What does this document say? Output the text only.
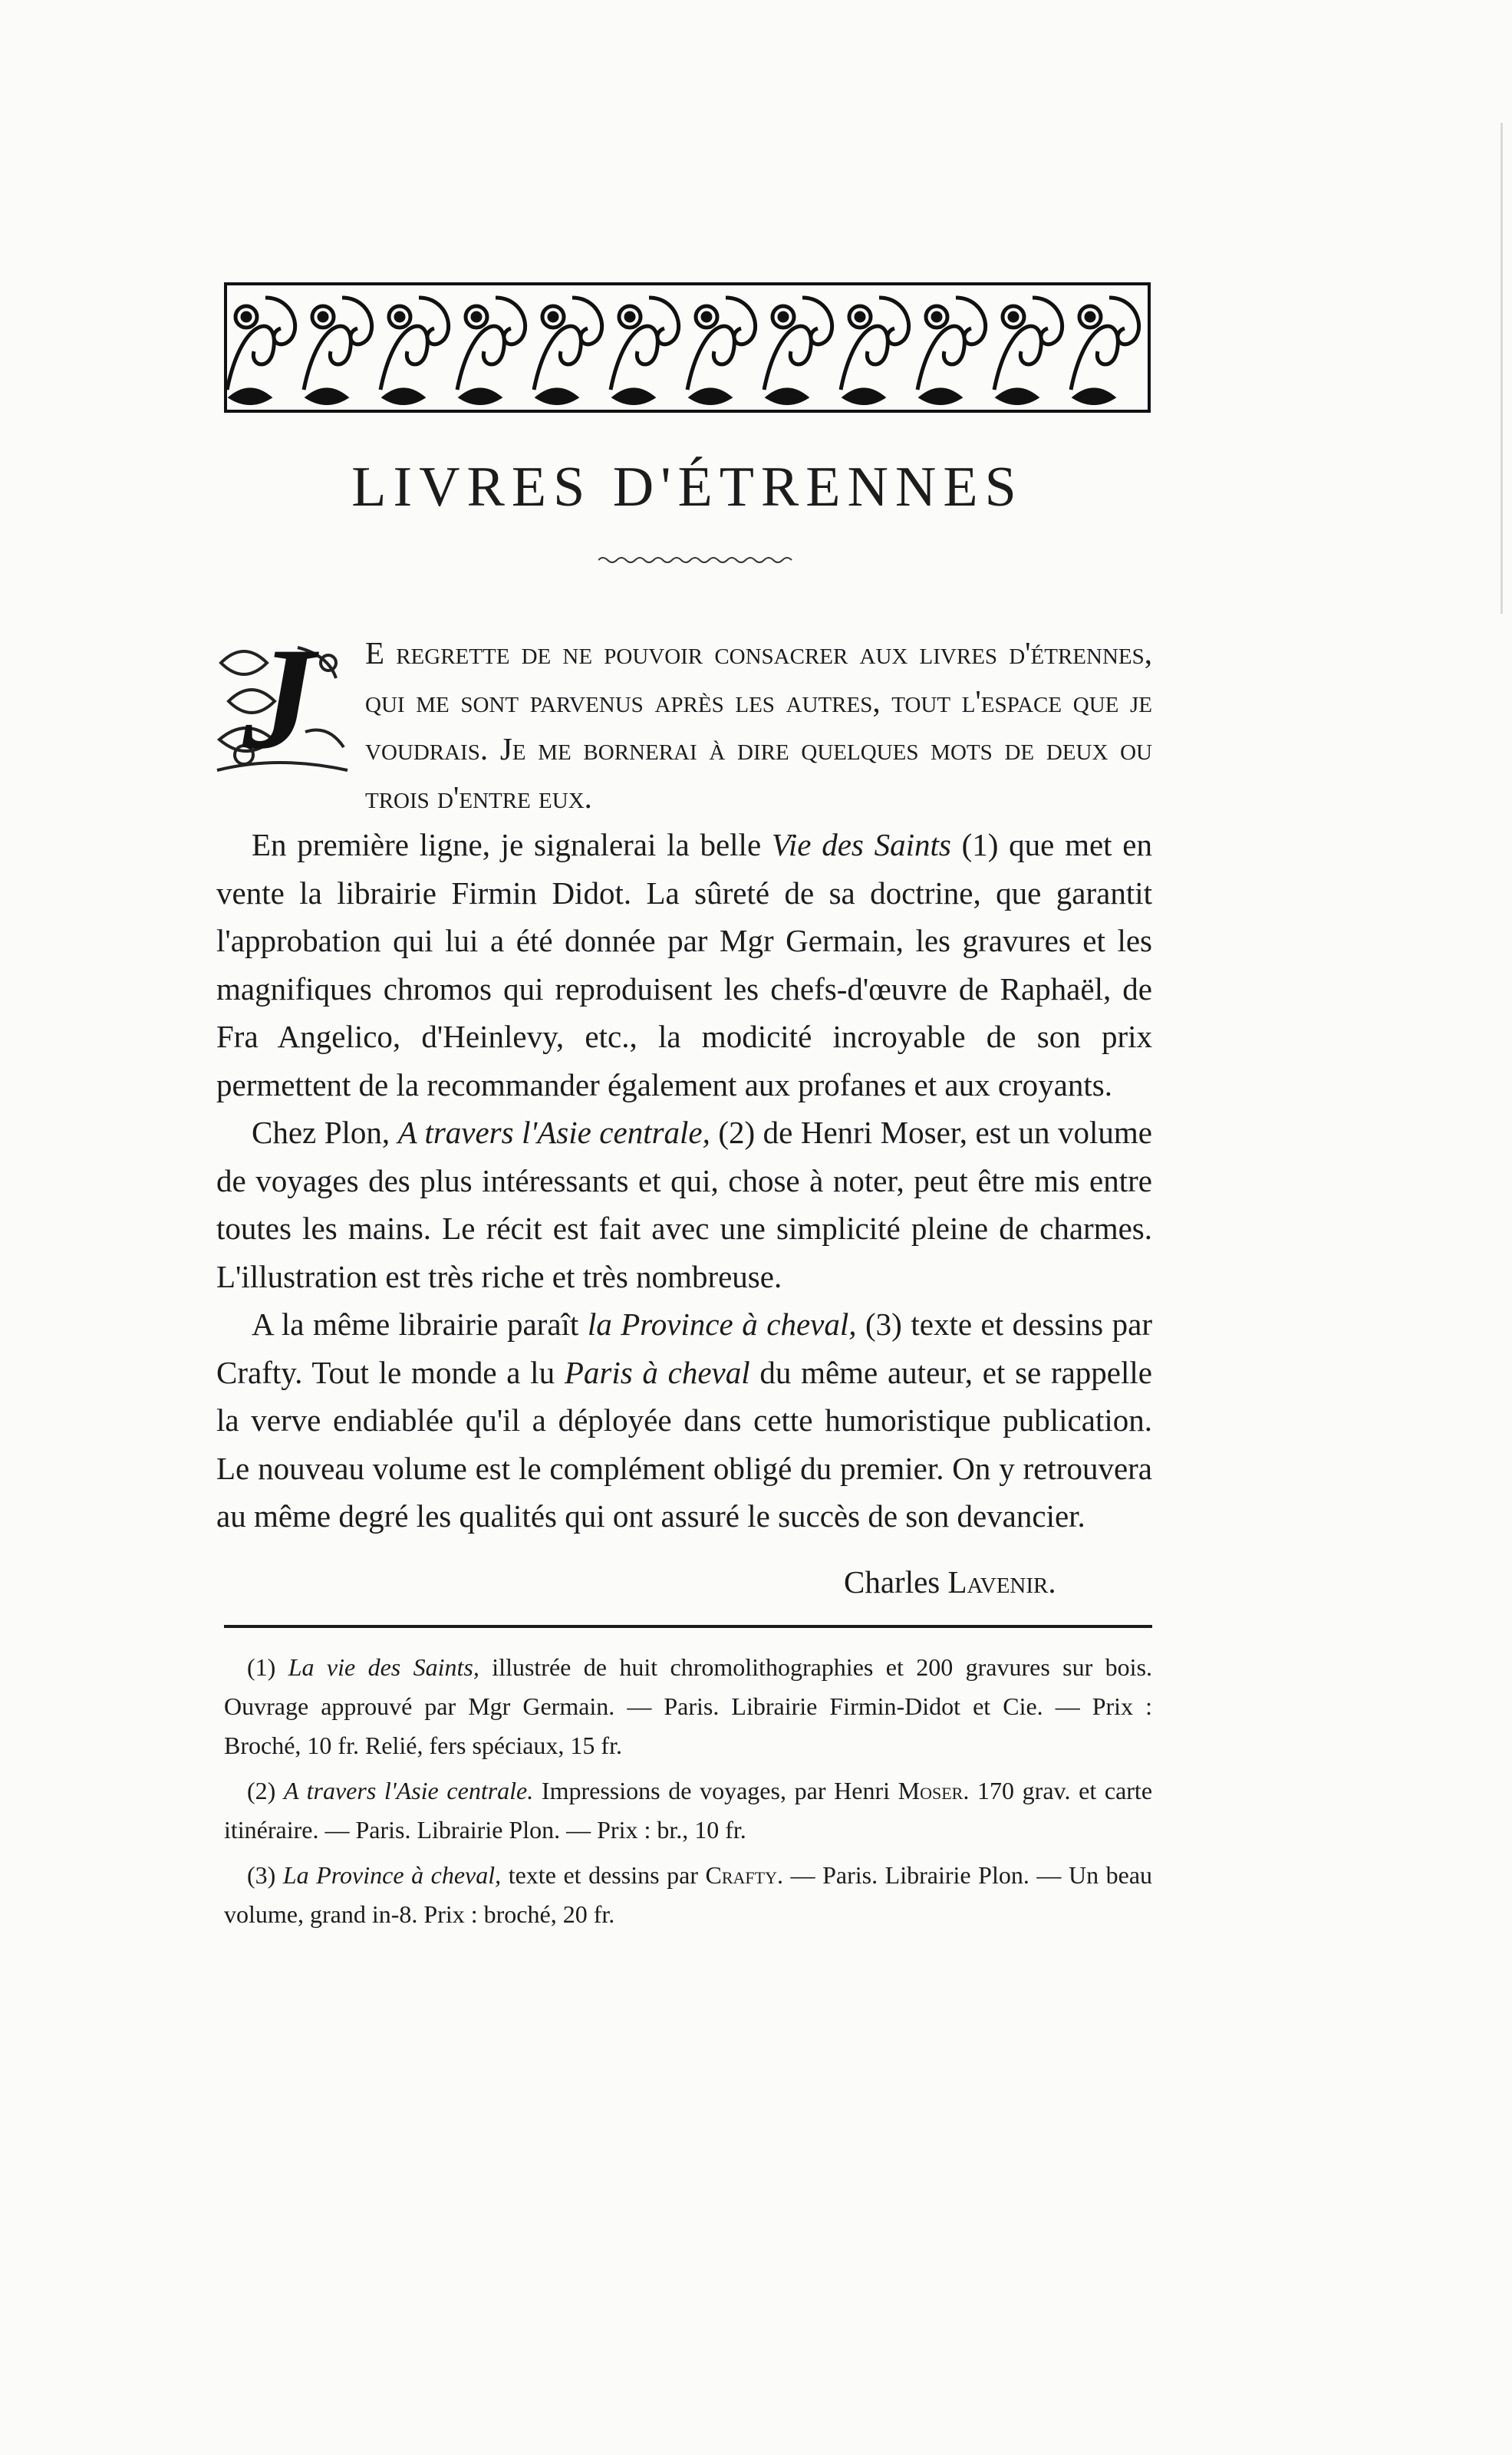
LIVRES D'ÉTRENNES

J E regrette de ne pouvoir consacrer aux livres d'étrennes, qui me sont parvenus après les autres, tout l'espace que je voudrais. Je me bornerai à dire quelques mots de deux ou trois d'entre eux.

En première ligne, je signalerai la belle Vie des Saints (1) que met en vente la librairie Firmin Didot. La sûreté de sa doctrine, que garantit l'approbation qui lui a été donnée par Mgr Germain, les gravures et les magnifiques chromos qui reproduisent les chefs-d'œuvre de Raphaël, de Fra Angelico, d'Heinlevy, etc., la modicité incroyable de son prix permettent de la recommander également aux profanes et aux croyants.

Chez Plon, A travers l'Asie centrale, (2) de Henri Moser, est un volume de voyages des plus intéressants et qui, chose à noter, peut être mis entre toutes les mains. Le récit est fait avec une simplicité pleine de charmes. L'illustration est très riche et très nombreuse.

A la même librairie paraît la Province à cheval, (3) texte et dessins par Crafty. Tout le monde a lu Paris à cheval du même auteur, et se rappelle la verve endiablée qu'il a déployée dans cette humoristique publication. Le nouveau volume est le complément obligé du premier. On y retrouvera au même degré les qualités qui ont assuré le succès de son devancier.

Charles Lavenir.

(1) La vie des Saints, illustrée de huit chromolithographies et 200 gravures sur bois. Ouvrage approuvé par Mgr Germain. — Paris. Librairie Firmin-Didot et Cie. — Prix : Broché, 10 fr. Relié, fers spéciaux, 15 fr.

(2) A travers l'Asie centrale. Impressions de voyages, par Henri Moser. 170 grav. et carte itinéraire. — Paris. Librairie Plon. — Prix : br., 10 fr.

(3) La Province à cheval, texte et dessins par Crafty. — Paris. Librairie Plon. — Un beau volume, grand in-8. Prix : broché, 20 fr.
